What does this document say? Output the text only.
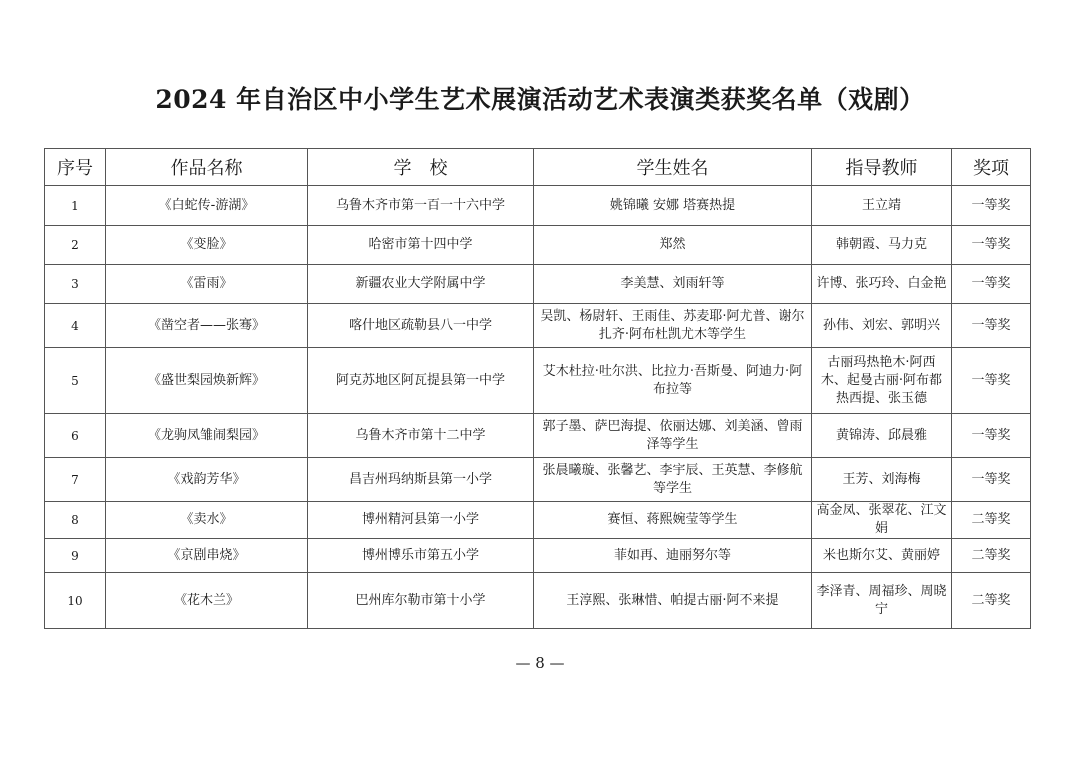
2024 年自治区中小学生艺术展演活动艺术表演类获奖名单（戏剧）
序号	作品名称	学　校	学生姓名	指导教师	奖项
1	《白蛇传-游湖》	乌鲁木齐市第一百一十六中学	姚锦曦 安娜 塔赛热提	王立靖	一等奖
2	《变脸》	哈密市第十四中学	郑然	韩朝霞、马力克	一等奖
3	《雷雨》	新疆农业大学附属中学	李美慧、刘雨轩等	许博、张巧玲、白金艳	一等奖
4	《凿空者——张骞》	喀什地区疏勒县八一中学	吴凯、杨尉轩、王雨佳、苏麦耶·阿尤普、谢尔扎齐·阿布杜凯尤木等学生	孙伟、刘宏、郭明兴	一等奖
5	《盛世梨园焕新辉》	阿克苏地区阿瓦提县第一中学	艾木杜拉·吐尔洪、比拉力·吾斯曼、阿迪力·阿布拉等	古丽玛热艳木·阿西木、起曼古丽·阿布都热西提、张玉德	一等奖
6	《龙驹凤雏闹梨园》	乌鲁木齐市第十二中学	郭子墨、萨巴海提、依丽达娜、刘美涵、曾雨泽等学生	黄锦涛、邱晨雅	一等奖
7	《戏韵芳华》	昌吉州玛纳斯县第一小学	张晨曦璇、张馨艺、李宇辰、王英慧、李修航等学生	王芳、刘海梅	一等奖
8	《卖水》	博州精河县第一小学	赛恒、蒋熙婉莹等学生	高金凤、张翠花、江文娟	二等奖
9	《京剧串烧》	博州博乐市第五小学	菲如再、迪丽努尔等	米也斯尔艾、黄丽婷	二等奖
10	《花木兰》	巴州库尔勒市第十小学	王淳熙、张琳惜、帕提古丽·阿不来提	李泽青、周福珍、周晓宁	二等奖
— 8 —
